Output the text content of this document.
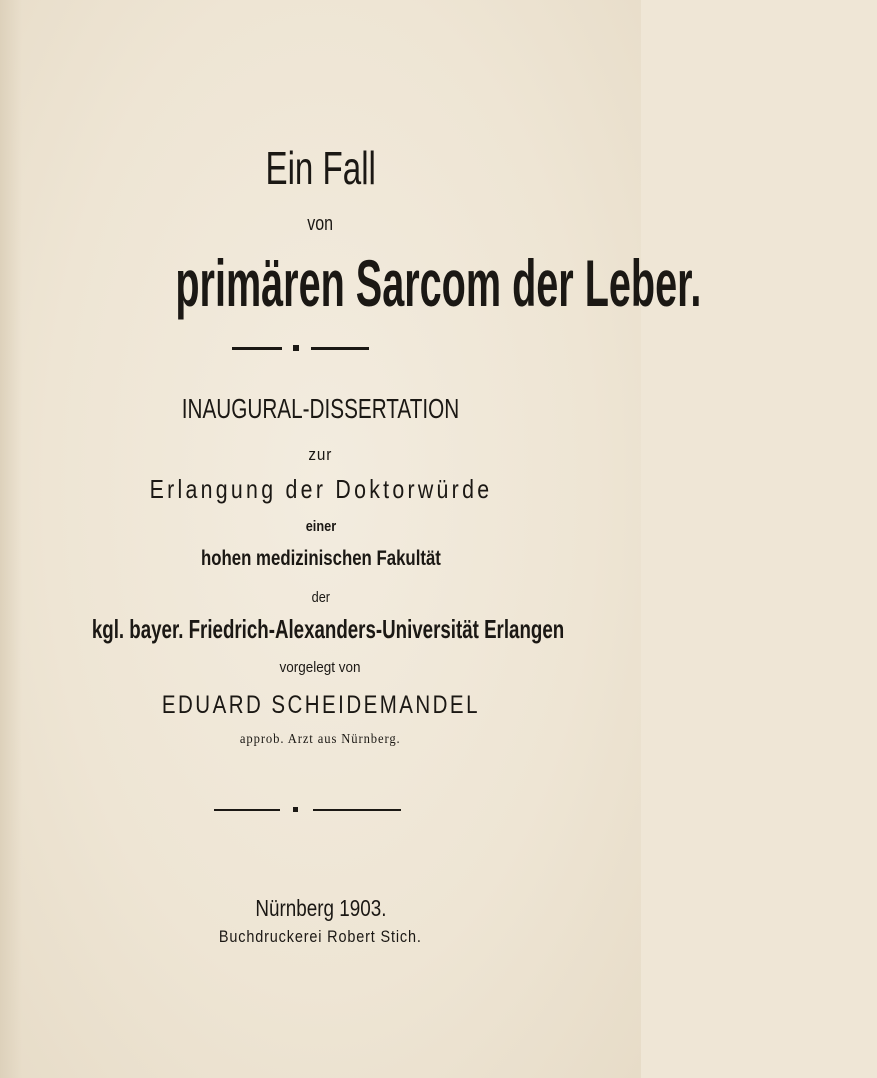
Ein Fall
von
primären Sarcom der Leber.
INAUGURAL-DISSERTATION
zur
Erlangung der Doktorwürde
einer
hohen medizinischen Fakultät
der
kgl. bayer. Friedrich-Alexanders-Universität Erlangen
vorgelegt von
EDUARD SCHEIDEMANDEL
approb. Arzt aus Nürnberg.
Nürnberg 1903.
Buchdruckerei Robert Stich.
